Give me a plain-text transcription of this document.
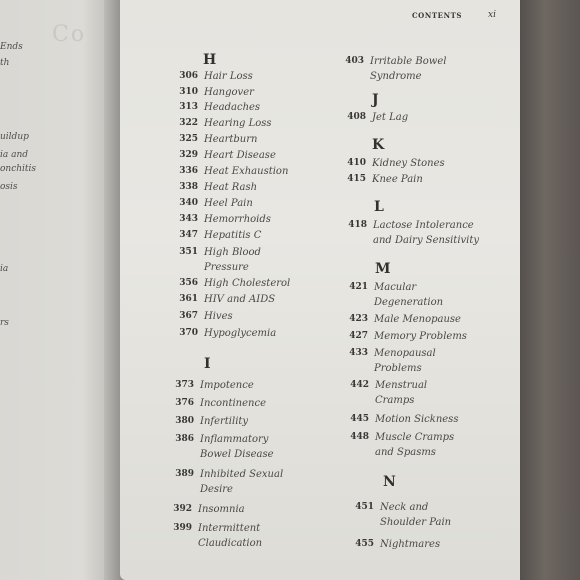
Co
Ends
th
uildup
ia and
onchitis
osis
ia
rs
CONTENTS	xi
H
306 Hair Loss
310 Hangover
313 Headaches
322 Hearing Loss
325 Heartburn
329 Heart Disease
336 Heat Exhaustion
338 Heat Rash
340 Heel Pain
343 Hemorrhoids
347 Hepatitis C
351 High Blood
Pressure
356 High Cholesterol
361 HIV and AIDS
367 Hives
370 Hypoglycemia
I
373 Impotence
376 Incontinence
380 Infertility
386 Inflammatory
Bowel Disease
389 Inhibited Sexual
Desire
392 Insomnia
399 Intermittent
Claudication
403 Irritable Bowel
Syndrome
J
408 Jet Lag
K
410 Kidney Stones
415 Knee Pain
L
418 Lactose Intolerance
and Dairy Sensitivity
M
421 Macular
Degeneration
423 Male Menopause
427 Memory Problems
433 Menopausal
Problems
442 Menstrual
Cramps
445 Motion Sickness
448 Muscle Cramps
and Spasms
N
451 Neck and
Shoulder Pain
455 Nightmares
